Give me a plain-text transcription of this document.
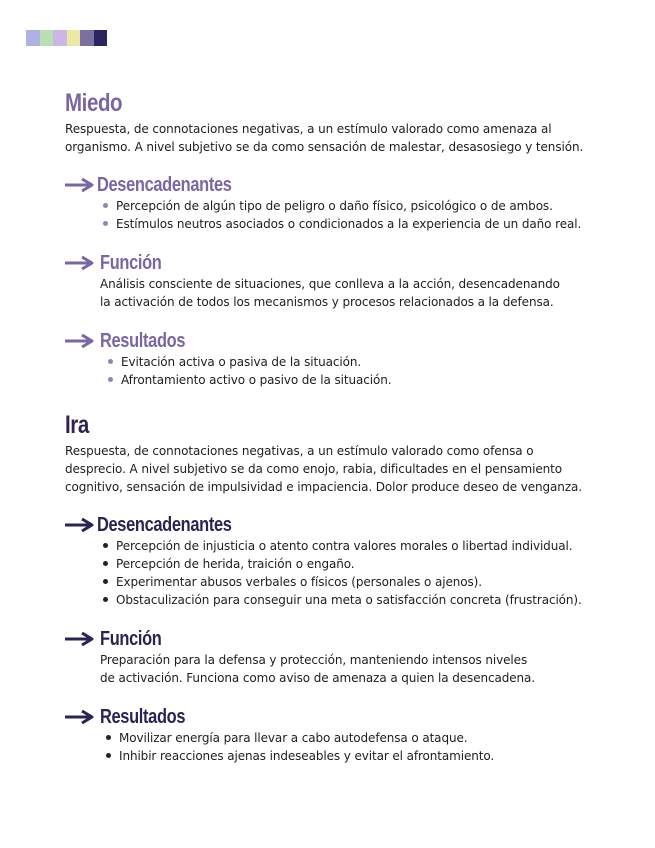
Miedo

Respuesta, de connotaciones negativas, a un estímulo valorado como amenaza al
organismo. A nivel subjetivo se da como sensación de malestar, desasosiego y tensión.

Desencadenantes
Percepción de algún tipo de peligro o daño físico, psicológico o de ambos.
Estímulos neutros asociados o condicionados a la experiencia de un daño real.
Función

Análisis consciente de situaciones, que conlleva a la acción, desencadenando
la activación de todos los mecanismos y procesos relacionados a la defensa.

Resultados
Evitación activa o pasiva de la situación.
Afrontamiento activo o pasivo de la situación.
Ira

Respuesta, de connotaciones negativas, a un estímulo valorado como ofensa o
desprecio. A nivel subjetivo se da como enojo, rabia, dificultades en el pensamiento
cognitivo, sensación de impulsividad e impaciencia. Dolor produce deseo de venganza.

Desencadenantes
Percepción de injusticia o atento contra valores morales o libertad individual.
Percepción de herida, traición o engaño.
Experimentar abusos verbales o físicos (personales o ajenos).
Obstaculización para conseguir una meta o satisfacción concreta (frustración).
Función

Preparación para la defensa y protección, manteniendo intensos niveles
de activación. Funciona como aviso de amenaza a quien la desencadena.

Resultados
Movilizar energía para llevar a cabo autodefensa o ataque.
Inhibir reacciones ajenas indeseables y evitar el afrontamiento.
